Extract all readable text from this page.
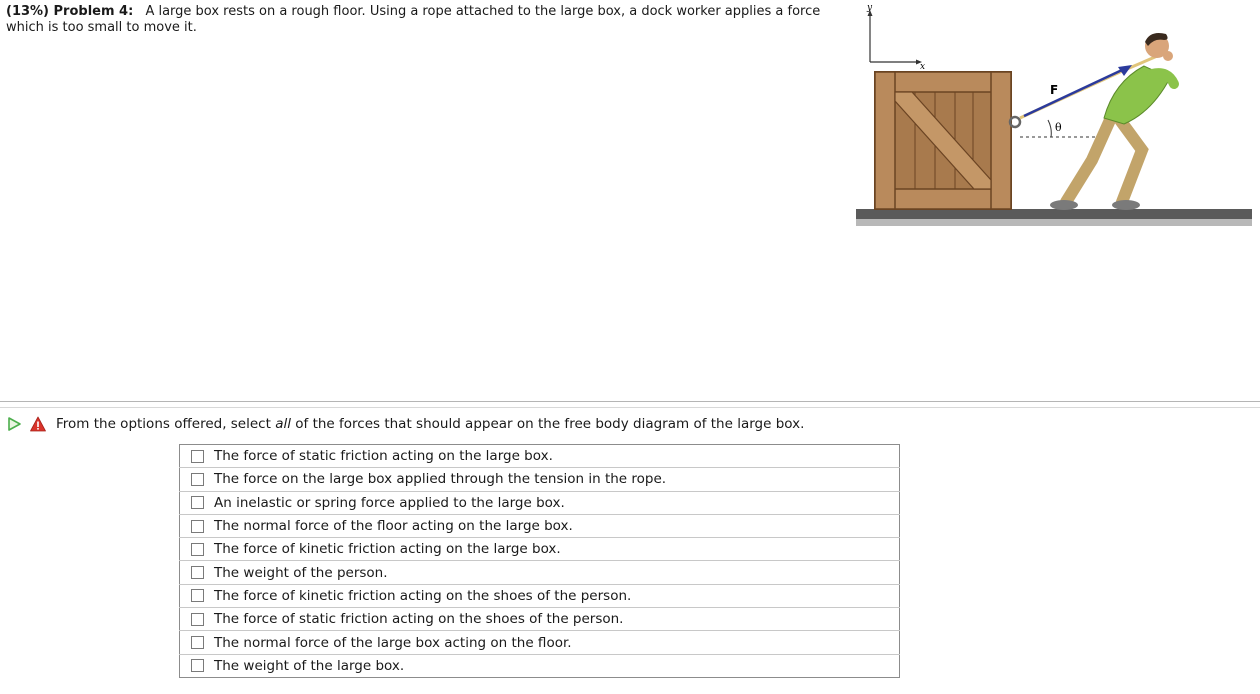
(13%) Problem 4: A large box rests on a rough floor. Using a rope attached to the large box, a dock worker applies a force which is too small to move it.
y
x
θ
F
From the options offered, select all of the forces that should appear on the free body diagram of the large box.
	The force of static friction acting on the large box.
	The force on the large box applied through the tension in the rope.
	An inelastic or spring force applied to the large box.
	The normal force of the floor acting on the large box.
	The force of kinetic friction acting on the large box.
	The weight of the person.
	The force of kinetic friction acting on the shoes of the person.
	The force of static friction acting on the shoes of the person.
	The normal force of the large box acting on the floor.
	The weight of the large box.
